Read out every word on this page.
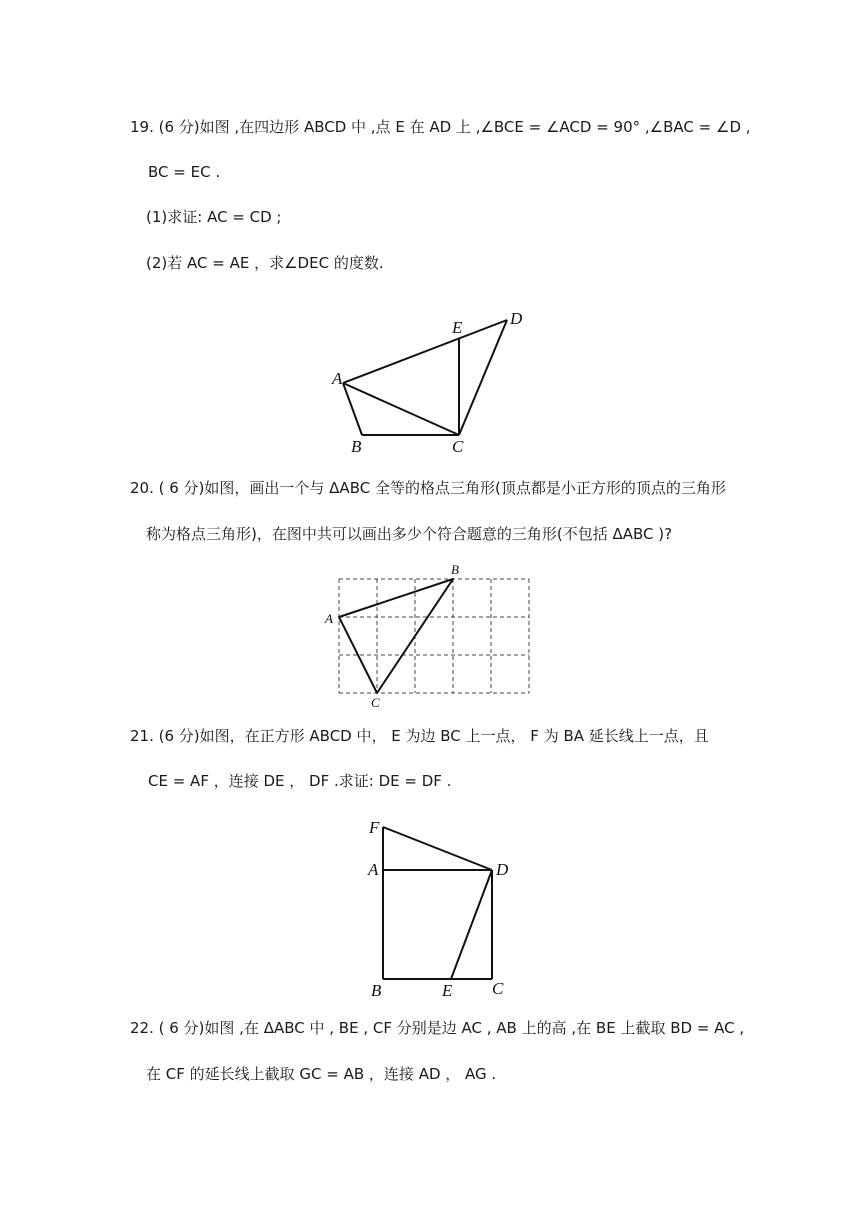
19. (6 分)如图 ,在四边形 ABCD 中 ,点 E 在 AD 上 ,∠BCE = ∠ACD = 90° ,∠BAC = ∠D ,
BC = EC .
(1)求证: AC = CD ;
(2)若 AC = AE ，求∠DEC 的度数.
A
B	C
D
E
20. ( 6 分)如图，画出一个与 ΔABC 全等的格点三角形(顶点都是小正方形的顶点的三角形
称为格点三角形)，在图中共可以画出多少个符合题意的三角形(不包括 ΔABC )?
A
B
C
21. (6 分)如图，在正方形 ABCD 中， E 为边 BC 上一点， F 为 BA 延长线上一点，且
CE = AF ，连接 DE ， DF .求证: DE = DF .
F
A	D
B	E C
22. ( 6 分)如图 ,在 ΔABC 中 , BE , CF 分别是边 AC , AB 上的高 ,在 BE 上截取 BD = AC ,
在 CF 的延长线上截取 GC = AB ，连接 AD ， AG .
